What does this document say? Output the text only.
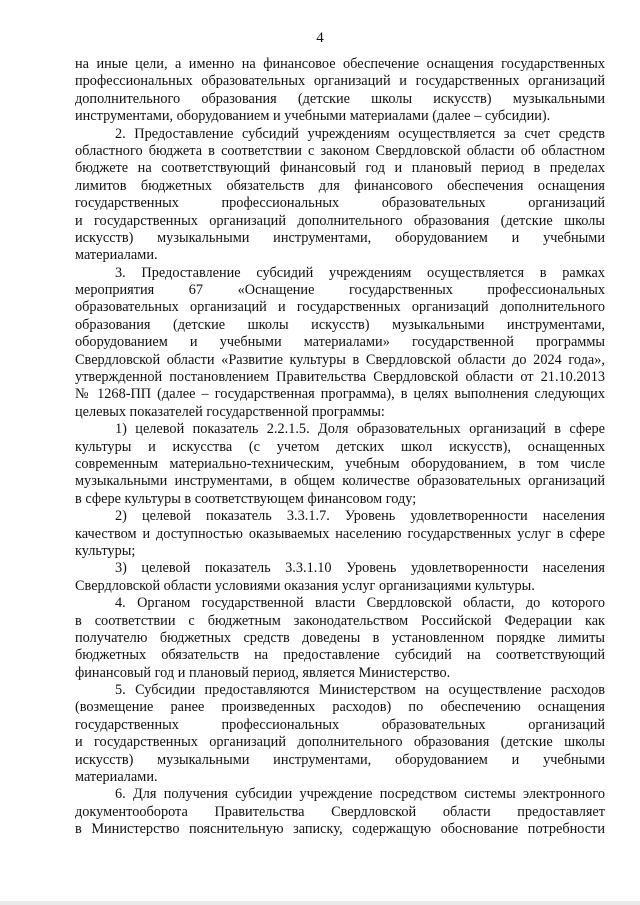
4
на иные цели, а именно на финансовое обеспечение оснащения государственных
профессиональных образовательных организаций и государственных организаций
дополнительного образования (детские школы искусств) музыкальными
инструментами, оборудованием и учебными материалами (далее – субсидии).
2. Предоставление субсидий учреждениям осуществляется за счет средств
областного бюджета в соответствии с законом Свердловской области об областном
бюджете на соответствующий финансовый год и плановый период в пределах
лимитов бюджетных обязательств для финансового обеспечения оснащения
государственных профессиональных образовательных организаций
и государственных организаций дополнительного образования (детские школы
искусств) музыкальными инструментами, оборудованием и учебными
материалами.
3. Предоставление субсидий учреждениям осуществляется в рамках
мероприятия 67 «Оснащение государственных профессиональных
образовательных организаций и государственных организаций дополнительного
образования (детские школы искусств) музыкальными инструментами,
оборудованием и учебными материалами» государственной программы
Свердловской области «Развитие культуры в Свердловской области до 2024 года»,
утвержденной постановлением Правительства Свердловской области от 21.10.2013
№ 1268-ПП (далее – государственная программа), в целях выполнения следующих
целевых показателей государственной программы:
1) целевой показатель 2.2.1.5. Доля образовательных организаций в сфере
культуры и искусства (с учетом детских школ искусств), оснащенных
современным материально-техническим, учебным оборудованием, в том числе
музыкальными инструментами, в общем количестве образовательных организаций
в сфере культуры в соответствующем финансовом году;
2) целевой показатель 3.3.1.7. Уровень удовлетворенности населения
качеством и доступностью оказываемых населению государственных услуг в сфере
культуры;
3) целевой показатель 3.3.1.10 Уровень удовлетворенности населения
Свердловской области условиями оказания услуг организациями культуры.
4. Органом государственной власти Свердловской области, до которого
в соответствии с бюджетным законодательством Российской Федерации как
получателю бюджетных средств доведены в установленном порядке лимиты
бюджетных обязательств на предоставление субсидий на соответствующий
финансовый год и плановый период, является Министерство.
5. Субсидии предоставляются Министерством на осуществление расходов
(возмещение ранее произведенных расходов) по обеспечению оснащения
государственных профессиональных образовательных организаций
и государственных организаций дополнительного образования (детские школы
искусств) музыкальными инструментами, оборудованием и учебными
материалами.
6. Для получения субсидии учреждение посредством системы электронного
документооборота Правительства Свердловской области предоставляет
в Министерство пояснительную записку, содержащую обоснование потребности
